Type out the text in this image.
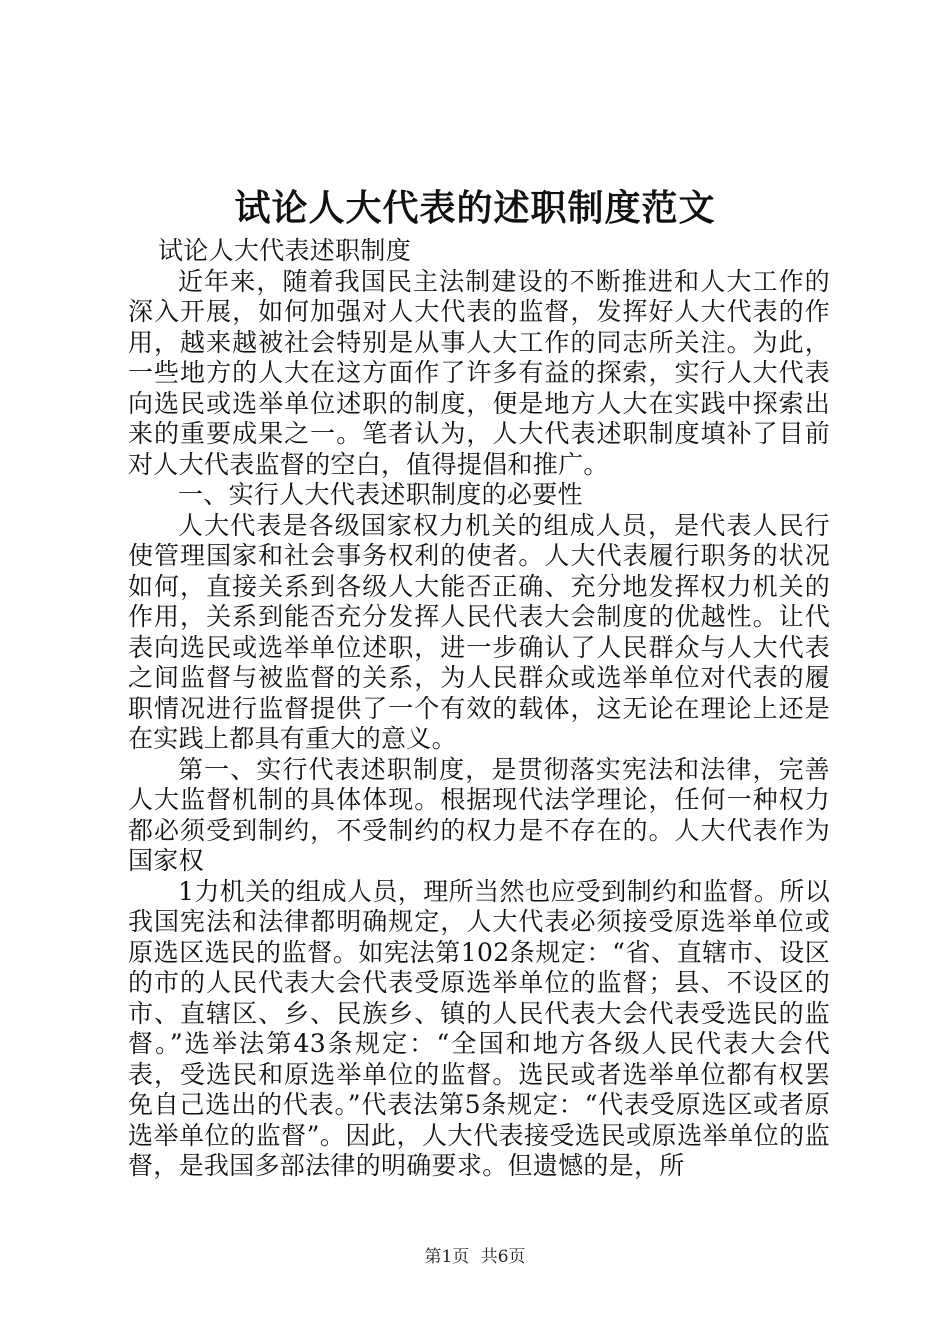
试论人大代表的述职制度范文

试论人大代表述职制度

近年来，随着我国民主法制建设的不断推进和人大工作的深入开展，如何加强对人大代表的监督，发挥好人大代表的作用，越来越被社会特别是从事人大工作的同志所关注。为此，一些地方的人大在这方面作了许多有益的探索，实行人大代表向选民或选举单位述职的制度，便是地方人大在实践中探索出来的重要成果之一。笔者认为，人大代表述职制度填补了目前对人大代表监督的空白，值得提倡和推广。

一、实行人大代表述职制度的必要性

人大代表是各级国家权力机关的组成人员，是代表人民行使管理国家和社会事务权利的使者。人大代表履行职务的状况如何，直接关系到各级人大能否正确、充分地发挥权力机关的作用，关系到能否充分发挥人民代表大会制度的优越性。让代表向选民或选举单位述职，进一步确认了人民群众与人大代表之间监督与被监督的关系，为人民群众或选举单位对代表的履职情况进行监督提供了一个有效的载体，这无论在理论上还是在实践上都具有重大的意义。

第一、实行代表述职制度，是贯彻落实宪法和法律，完善人大监督机制的具体体现。根据现代法学理论，任何一种权力都必须受到制约，不受制约的权力是不存在的。人大代表作为国家权

1力机关的组成人员，理所当然也应受到制约和监督。所以我国宪法和法律都明确规定，人大代表必须接受原选举单位或原选区选民的监督。如宪法第102条规定：“省、直辖市、设区的市的人民代表大会代表受原选举单位的监督；县、不设区的市、直辖区、乡、民族乡、镇的人民代表大会代表受选民的监督。”选举法第43条规定：“全国和地方各级人民代表大会代表，受选民和原选举单位的监督。选民或者选举单位都有权罢免自己选出的代表。”代表法第5条规定：“代表受原选区或者原选举单位的监督”。因此，人大代表接受选民或原选举单位的监督，是我国多部法律的明确要求。但遗憾的是，所

第1页 共6页
